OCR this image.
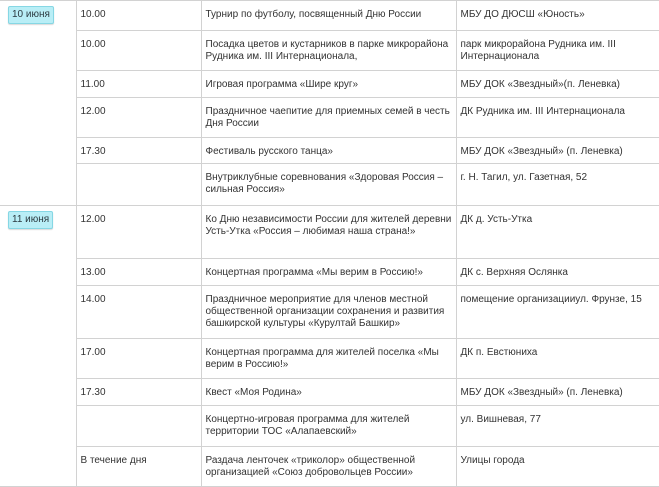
10 июня	10.00	Турнир по футболу, посвященный Дню России	МБУ ДО ДЮСШ «Юность»
	10.00	Посадка цветов и кустарников в парке микрорайона Рудника им. III Интернационала,	парк микрорайона Рудника им. III Интернационала
	11.00	Игровая программа «Шире круг»	МБУ ДОК «Звездный»(п. Леневка)
	12.00	Праздничное чаепитие для приемных семей в честь Дня России	ДК Рудника им. III Интернационала
	17.30	Фестиваль русского танца»	МБУ ДОК «Звездный» (п. Леневка)
		Внутриклубные соревнования «Здоровая Россия – сильная Россия»	г. Н. Тагил, ул. Газетная, 52
11 июня	12.00	Ко Дню независимости России для жителей деревни Усть-Утка «Россия – любимая наша страна!»	ДК д. Усть-Утка
	13.00	Концертная программа «Мы верим в Россию!»	ДК с. Верхняя Ослянка
	14.00	Праздничное мероприятие для членов местной общественной организации сохранения и развития башкирской культуры «Курултай Башкир»	помещение организацииул. Фрунзе, 15
	17.00	Концертная программа для жителей поселка «Мы верим в Россию!»	ДК п. Евстюниха
	17.30	Квест «Моя Родина»	МБУ ДОК «Звездный» (п. Леневка)
		Концертно-игровая программа для жителей территории ТОС «Алапаевский»	ул. Вишневая, 77
	В течение дня	Раздача ленточек «триколор» общественной организацией «Союз добровольцев России»	Улицы города
